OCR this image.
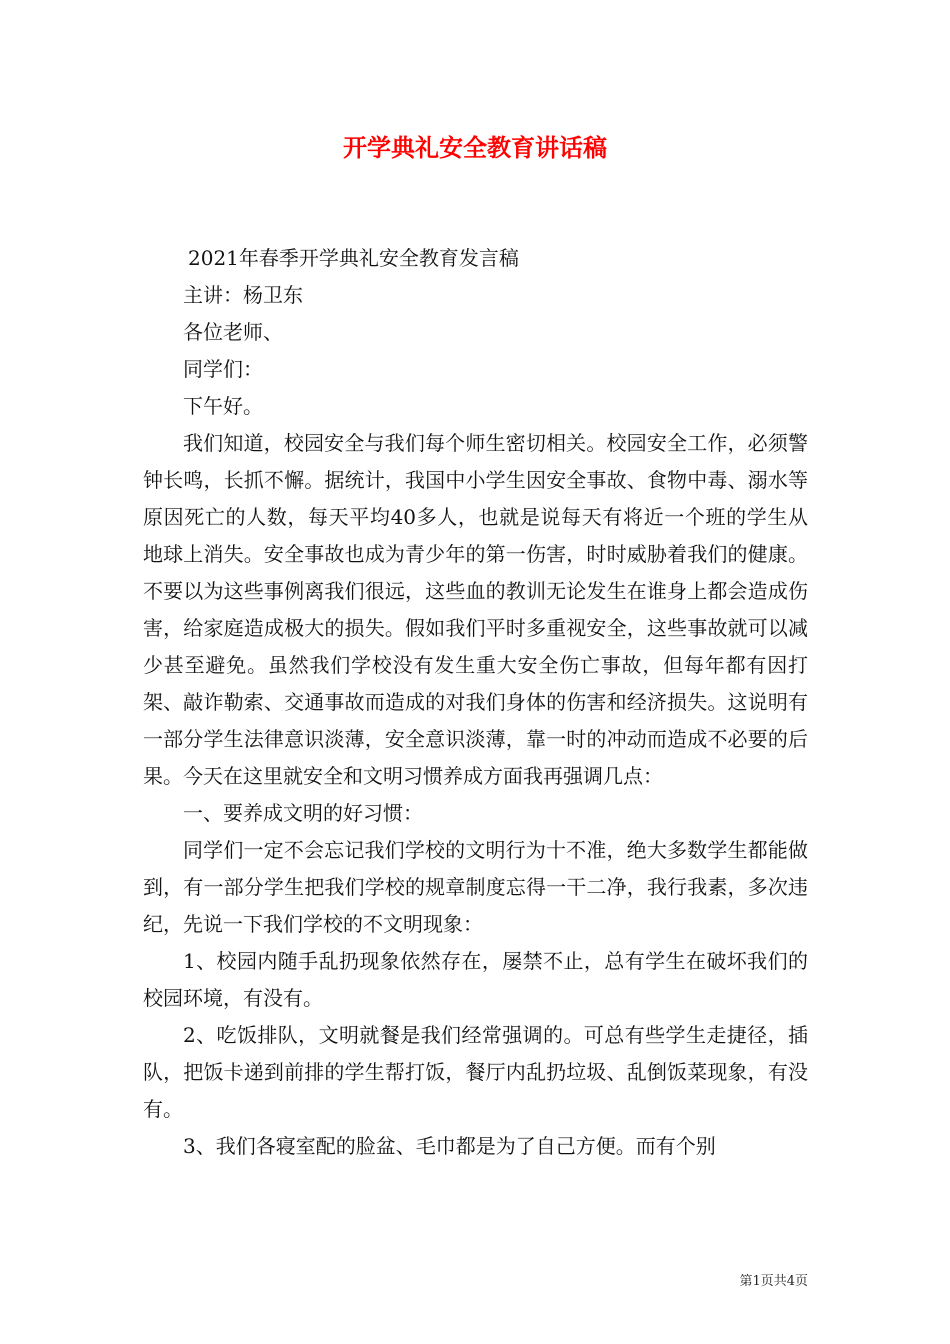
开学典礼安全教育讲话稿

2021年春季开学典礼安全教育发言稿

主讲：杨卫东

各位老师、

同学们：

下午好。

我们知道，校园安全与我们每个师生密切相关。校园安全工作，必须警钟长鸣，长抓不懈。据统计，我国中小学生因安全事故、食物中毒、溺水等原因死亡的人数，每天平均40多人，也就是说每天有将近一个班的学生从地球上消失。安全事故也成为青少年的第一伤害，时时威胁着我们的健康。不要以为这些事例离我们很远，这些血的教训无论发生在谁身上都会造成伤害，给家庭造成极大的损失。假如我们平时多重视安全，这些事故就可以减少甚至避免。虽然我们学校没有发生重大安全伤亡事故，但每年都有因打架、敲诈勒索、交通事故而造成的对我们身体的伤害和经济损失。这说明有一部分学生法律意识淡薄，安全意识淡薄，靠一时的冲动而造成不必要的后果。今天在这里就安全和文明习惯养成方面我再强调几点：

一、要养成文明的好习惯：

同学们一定不会忘记我们学校的文明行为十不准，绝大多数学生都能做到，有一部分学生把我们学校的规章制度忘得一干二净，我行我素，多次违纪，先说一下我们学校的不文明现象：

1、校园内随手乱扔现象依然存在，屡禁不止，总有学生在破坏我们的校园环境，有没有。

2、吃饭排队，文明就餐是我们经常强调的。可总有些学生走捷径，插队，把饭卡递到前排的学生帮打饭，餐厅内乱扔垃圾、乱倒饭菜现象，有没有。

3、我们各寝室配的脸盆、毛巾都是为了自己方便。而有个别

第1页共4页
